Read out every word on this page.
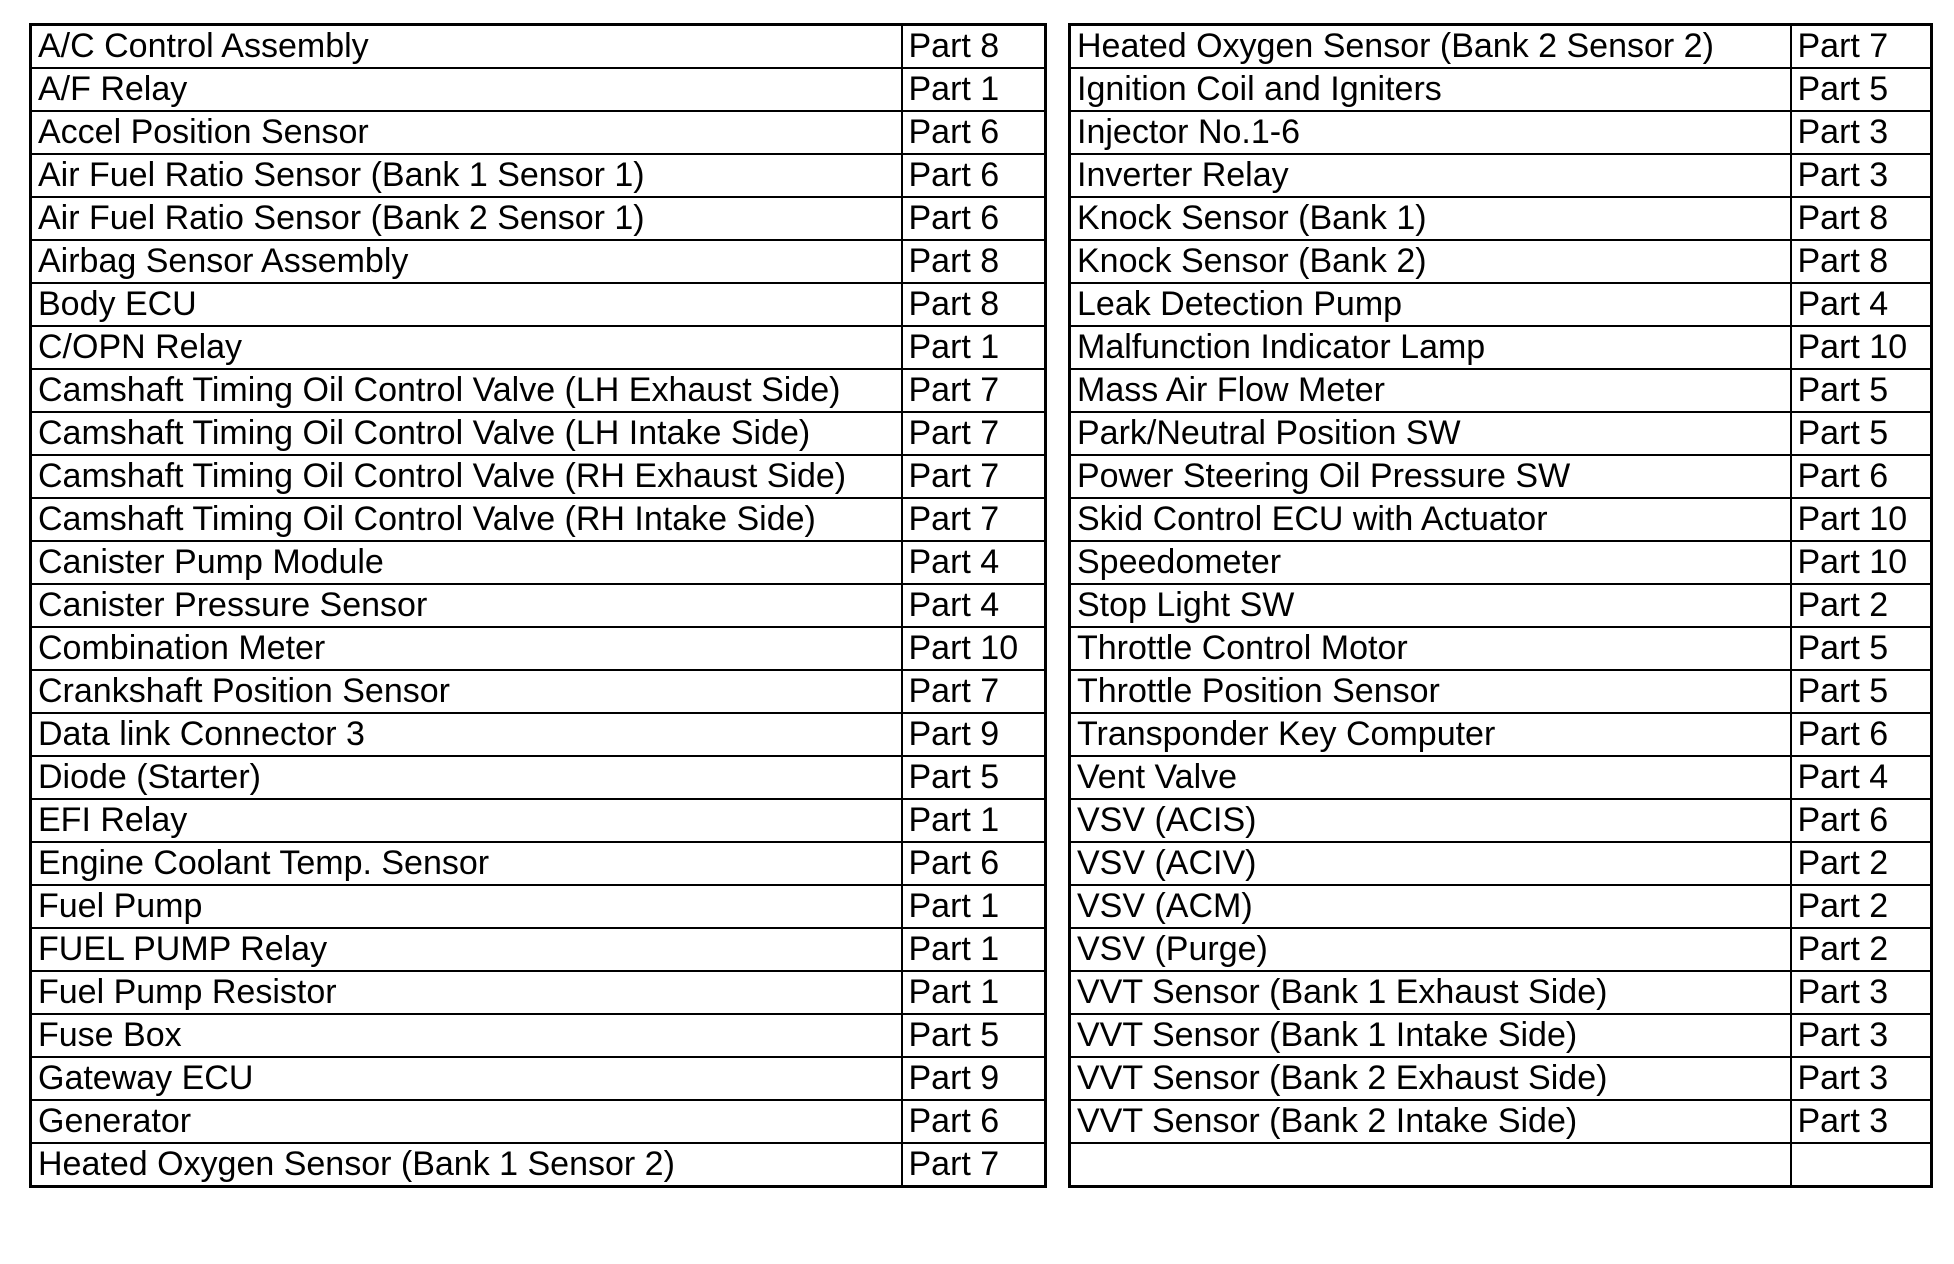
A/C Control Assembly	Part 8
A/F Relay	Part 1
Accel Position Sensor	Part 6
Air Fuel Ratio Sensor (Bank 1 Sensor 1)	Part 6
Air Fuel Ratio Sensor (Bank 2 Sensor 1)	Part 6
Airbag Sensor Assembly	Part 8
Body ECU	Part 8
C/OPN Relay	Part 1
Camshaft Timing Oil Control Valve (LH Exhaust Side)	Part 7
Camshaft Timing Oil Control Valve (LH Intake Side)	Part 7
Camshaft Timing Oil Control Valve (RH Exhaust Side)	Part 7
Camshaft Timing Oil Control Valve (RH Intake Side)	Part 7
Canister Pump Module	Part 4
Canister Pressure Sensor	Part 4
Combination Meter	Part 10
Crankshaft Position Sensor	Part 7
Data link Connector 3	Part 9
Diode (Starter)	Part 5
EFI Relay	Part 1
Engine Coolant Temp. Sensor	Part 6
Fuel Pump	Part 1
FUEL PUMP Relay	Part 1
Fuel Pump Resistor	Part 1
Fuse Box	Part 5
Gateway ECU	Part 9
Generator	Part 6
Heated Oxygen Sensor (Bank 1 Sensor 2)	Part 7
Heated Oxygen Sensor (Bank 2 Sensor 2)	Part 7
Ignition Coil and Igniters	Part 5
Injector No.1-6	Part 3
Inverter Relay	Part 3
Knock Sensor (Bank 1)	Part 8
Knock Sensor (Bank 2)	Part 8
Leak Detection Pump	Part 4
Malfunction Indicator Lamp	Part 10
Mass Air Flow Meter	Part 5
Park/Neutral Position SW	Part 5
Power Steering Oil Pressure SW	Part 6
Skid Control ECU with Actuator	Part 10
Speedometer	Part 10
Stop Light SW	Part 2
Throttle Control Motor	Part 5
Throttle Position Sensor	Part 5
Transponder Key Computer	Part 6
Vent Valve	Part 4
VSV (ACIS)	Part 6
VSV (ACIV)	Part 2
VSV (ACM)	Part 2
VSV (Purge)	Part 2
VVT Sensor (Bank 1 Exhaust Side)	Part 3
VVT Sensor (Bank 1 Intake Side)	Part 3
VVT Sensor (Bank 2 Exhaust Side)	Part 3
VVT Sensor (Bank 2 Intake Side)	Part 3
